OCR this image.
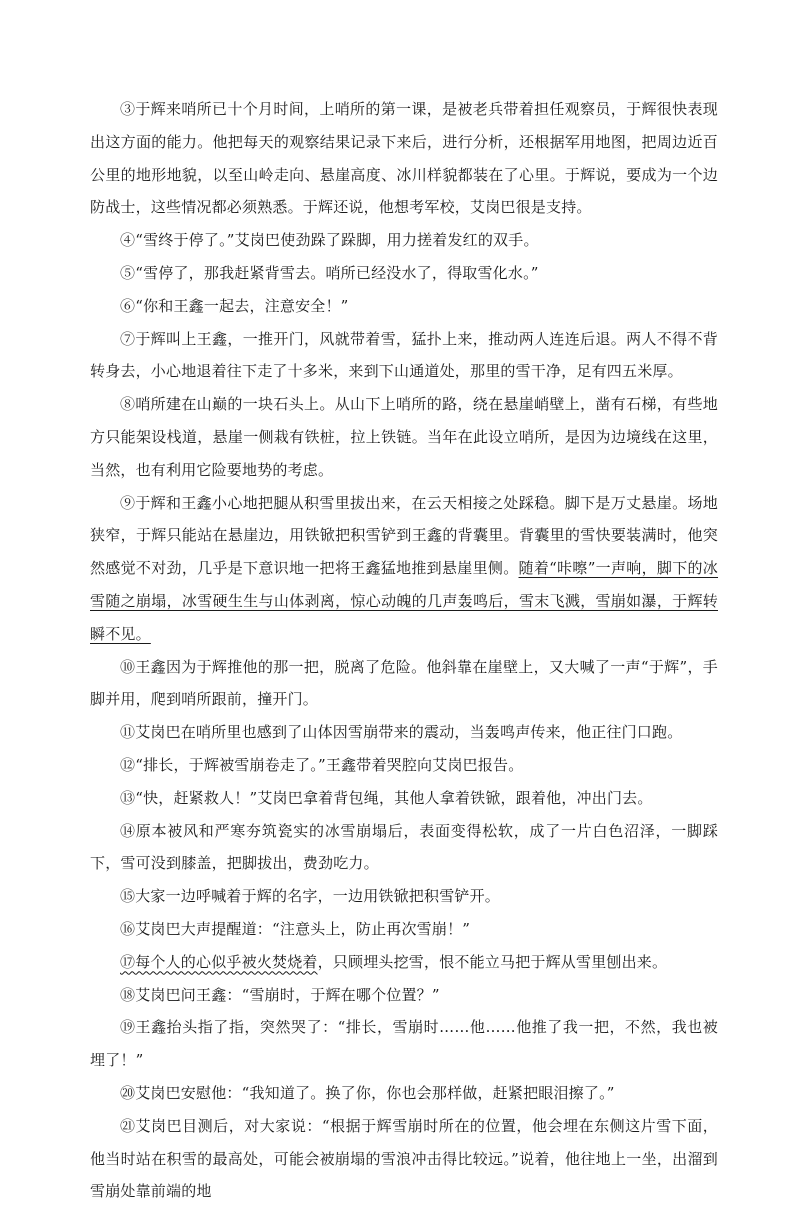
③于辉来哨所已十个月时间，上哨所的第一课，是被老兵带着担任观察员，于辉很快表现出这方面的能力。他把每天的观察结果记录下来后，进行分析，还根据军用地图，把周边近百公里的地形地貌，以至山岭走向、悬崖高度、冰川样貌都装在了心里。于辉说，要成为一个边防战士，这些情况都必须熟悉。于辉还说，他想考军校，艾岗巴很是支持。

④“雪终于停了。”艾岗巴使劲跺了跺脚，用力搓着发红的双手。

⑤“雪停了，那我赶紧背雪去。哨所已经没水了，得取雪化水。”

⑥“你和王鑫一起去，注意安全！”

⑦于辉叫上王鑫，一推开门，风就带着雪，猛扑上来，推动两人连连后退。两人不得不背转身去，小心地退着往下走了十多米，来到下山通道处，那里的雪干净，足有四五米厚。

⑧哨所建在山巅的一块石头上。从山下上哨所的路，绕在悬崖峭壁上，凿有石梯，有些地方只能架设栈道，悬崖一侧栽有铁桩，拉上铁链。当年在此设立哨所，是因为边境线在这里，当然，也有利用它险要地势的考虑。

⑨于辉和王鑫小心地把腿从积雪里拔出来，在云天相接之处踩稳。脚下是万丈悬崖。场地狭窄，于辉只能站在悬崖边，用铁锨把积雪铲到王鑫的背囊里。背囊里的雪快要装满时，他突然感觉不对劲，几乎是下意识地一把将王鑫猛地推到悬崖里侧。随着“咔嚓”一声响，脚下的冰雪随之崩塌，冰雪硬生生与山体剥离，惊心动魄的几声轰鸣后，雪末飞溅，雪崩如瀑，于辉转瞬不见。

⑩王鑫因为于辉推他的那一把，脱离了危险。他斜靠在崖壁上，又大喊了一声“于辉”，手脚并用，爬到哨所跟前，撞开门。

⑪艾岗巴在哨所里也感到了山体因雪崩带来的震动，当轰鸣声传来，他正往门口跑。

⑫“排长，于辉被雪崩卷走了。”王鑫带着哭腔向艾岗巴报告。

⑬“快，赶紧救人！”艾岗巴拿着背包绳，其他人拿着铁锨，跟着他，冲出门去。

⑭原本被风和严寒夯筑瓷实的冰雪崩塌后，表面变得松软，成了一片白色沼泽，一脚踩下，雪可没到膝盖，把脚拔出，费劲吃力。

⑮大家一边呼喊着于辉的名字，一边用铁锨把积雪铲开。

⑯艾岗巴大声提醒道：“注意头上，防止再次雪崩！”

⑰每个人的心似乎被火焚烧着，只顾埋头挖雪，恨不能立马把于辉从雪里刨出来。

⑱艾岗巴问王鑫：“雪崩时，于辉在哪个位置？”

⑲王鑫抬头指了指，突然哭了：“排长，雪崩时……他……他推了我一把，不然，我也被埋了！”

⑳艾岗巴安慰他：“我知道了。换了你，你也会那样做，赶紧把眼泪擦了。”

㉑艾岗巴目测后，对大家说：“根据于辉雪崩时所在的位置，他会埋在东侧这片雪下面，他当时站在积雪的最高处，可能会被崩塌的雪浪冲击得比较远。”说着，他往地上一坐，出溜到雪崩处靠前端的地
